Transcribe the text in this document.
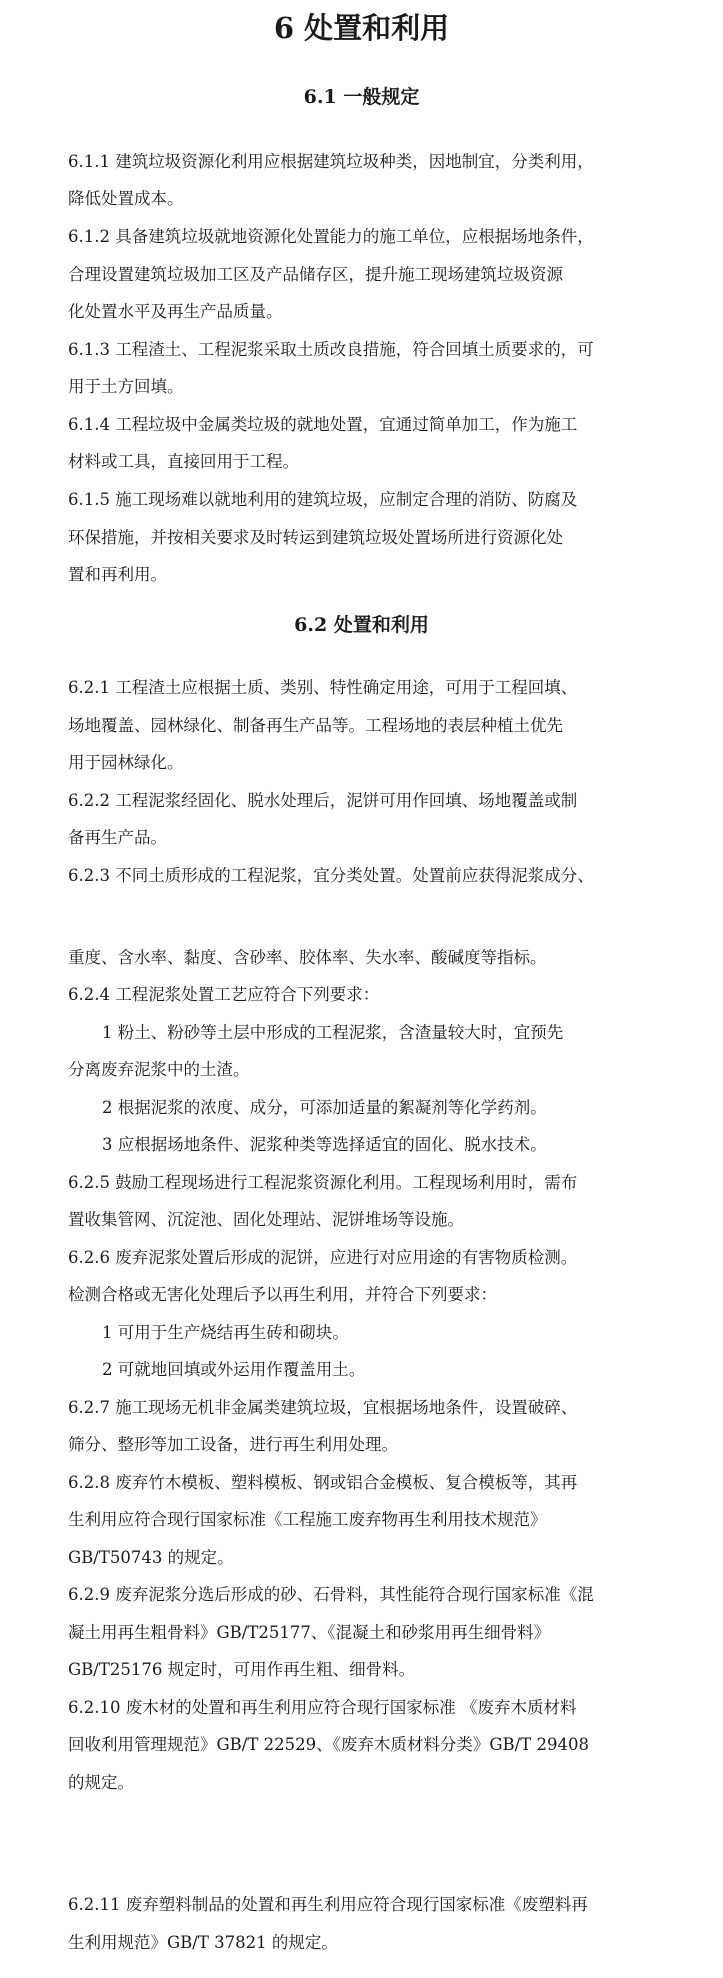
6 处置和利用
6.1 一般规定

6.1.1 建筑垃圾资源化利用应根据建筑垃圾种类，因地制宜，分类利用，

降低处置成本。

6.1.2 具备建筑垃圾就地资源化处置能力的施工单位，应根据场地条件，

合理设置建筑垃圾加工区及产品储存区，提升施工现场建筑垃圾资源

化处置水平及再生产品质量。

6.1.3 工程渣土、工程泥浆采取土质改良措施，符合回填土质要求的，可

用于土方回填。

6.1.4 工程垃圾中金属类垃圾的就地处置，宜通过简单加工，作为施工

材料或工具，直接回用于工程。

6.1.5 施工现场难以就地利用的建筑垃圾，应制定合理的消防、防腐及

环保措施，并按相关要求及时转运到建筑垃圾处置场所进行资源化处

置和再利用。

6.2 处置和利用

6.2.1 工程渣土应根据土质、类别、特性确定用途，可用于工程回填、

场地覆盖、园林绿化、制备再生产品等。工程场地的表层种植土优先

用于园林绿化。

6.2.2 工程泥浆经固化、脱水处理后，泥饼可用作回填、场地覆盖或制

备再生产品。

6.2.3 不同土质形成的工程泥浆，宜分类处置。处置前应获得泥浆成分、

重度、含水率、黏度、含砂率、胶体率、失水率、酸碱度等指标。

6.2.4 工程泥浆处置工艺应符合下列要求：

1 粉土、粉砂等土层中形成的工程泥浆，含渣量较大时，宜预先

分离废弃泥浆中的土渣。

2 根据泥浆的浓度、成分，可添加适量的絮凝剂等化学药剂。

3 应根据场地条件、泥浆种类等选择适宜的固化、脱水技术。

6.2.5 鼓励工程现场进行工程泥浆资源化利用。工程现场利用时，需布

置收集管网、沉淀池、固化处理站、泥饼堆场等设施。

6.2.6 废弃泥浆处置后形成的泥饼，应进行对应用途的有害物质检测。

检测合格或无害化处理后予以再生利用，并符合下列要求：

1 可用于生产烧结再生砖和砌块。

2 可就地回填或外运用作覆盖用土。

6.2.7 施工现场无机非金属类建筑垃圾，宜根据场地条件，设置破碎、

筛分、整形等加工设备，进行再生利用处理。

6.2.8 废弃竹木模板、塑料模板、钢或铝合金模板、复合模板等，其再

生利用应符合现行国家标准《工程施工废弃物再生利用技术规范》

GB/T50743 的规定。

6.2.9 废弃泥浆分选后形成的砂、石骨料，其性能符合现行国家标准《混

凝土用再生粗骨料》GB/T25177、《混凝土和砂浆用再生细骨料》

GB/T25176 规定时，可用作再生粗、细骨料。

6.2.10 废木材的处置和再生利用应符合现行国家标准 《废弃木质材料

回收利用管理规范》GB/T 22529、《废弃木质材料分类》GB/T 29408

的规定。

6.2.11 废弃塑料制品的处置和再生利用应符合现行国家标准《废塑料再

生利用规范》GB/T 37821 的规定。
